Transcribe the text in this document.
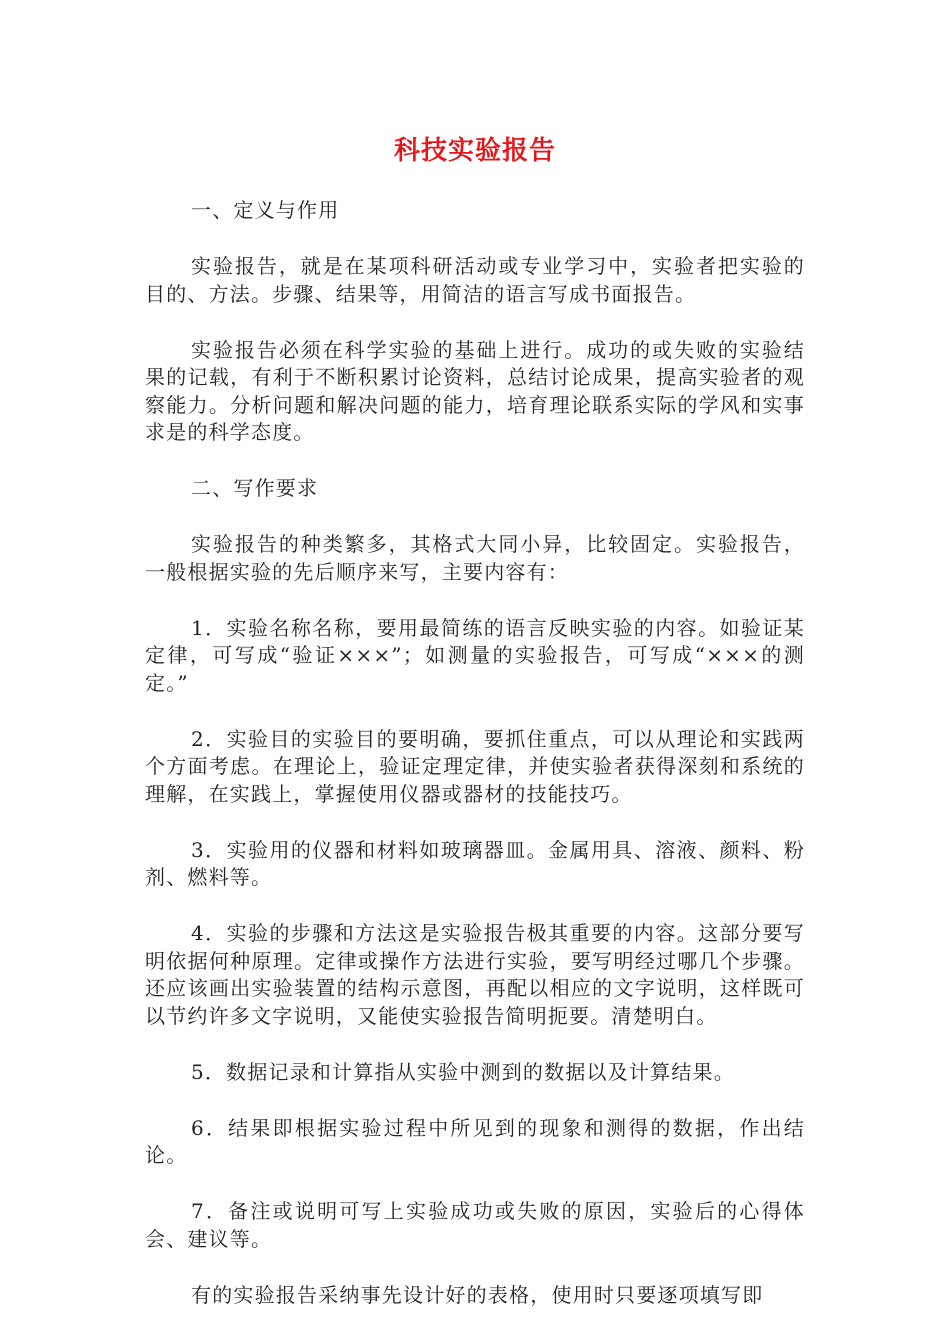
科技实验报告

一、定义与作用

实验报告，就是在某项科研活动或专业学习中，实验者把实验的目的、方法。步骤、结果等，用简洁的语言写成书面报告。

实验报告必须在科学实验的基础上进行。成功的或失败的实验结果的记载，有利于不断积累讨论资料，总结讨论成果，提高实验者的观察能力。分析问题和解决问题的能力，培育理论联系实际的学风和实事求是的科学态度。

二、写作要求

实验报告的种类繁多，其格式大同小异，比较固定。实验报告，一般根据实验的先后顺序来写，主要内容有：

1．实验名称名称，要用最简练的语言反映实验的内容。如验证某定律，可写成“验证×××”；如测量的实验报告，可写成“×××的测定。”

2．实验目的实验目的要明确，要抓住重点，可以从理论和实践两个方面考虑。在理论上，验证定理定律，并使实验者获得深刻和系统的理解，在实践上，掌握使用仪器或器材的技能技巧。

3．实验用的仪器和材料如玻璃器皿。金属用具、溶液、颜料、粉剂、燃料等。

4．实验的步骤和方法这是实验报告极其重要的内容。这部分要写明依据何种原理。定律或操作方法进行实验，要写明经过哪几个步骤。还应该画出实验装置的结构示意图，再配以相应的文字说明，这样既可以节约许多文字说明，又能使实验报告简明扼要。清楚明白。

5．数据记录和计算指从实验中测到的数据以及计算结果。

6．结果即根据实验过程中所见到的现象和测得的数据，作出结论。

7．备注或说明可写上实验成功或失败的原因，实验后的心得体会、建议等。

有的实验报告采纳事先设计好的表格，使用时只要逐项填写即
